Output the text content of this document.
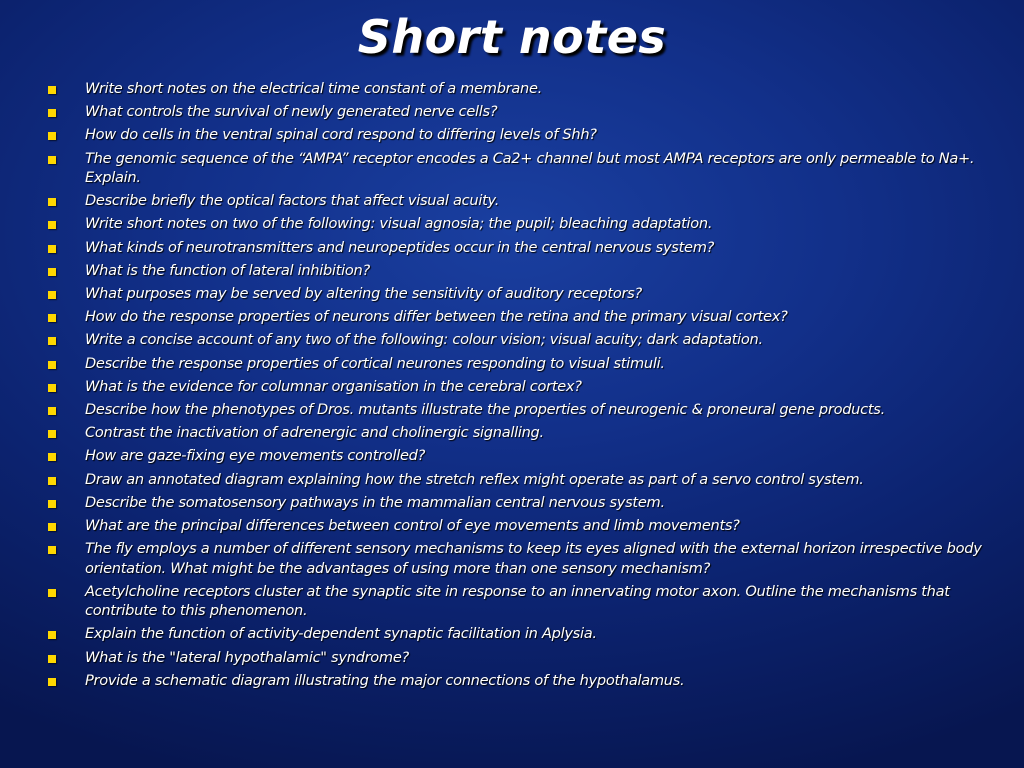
Short notes
Write short notes on the electrical time constant of a membrane.
What controls the survival of newly generated nerve cells?
How do cells in the ventral spinal cord respond to differing levels of Shh?
The genomic sequence of the “AMPA” receptor encodes a Ca2+ channel but most AMPA receptors are only permeable to Na+. Explain.
Describe briefly the optical factors that affect visual acuity.
Write short notes on two of the following: visual agnosia; the pupil; bleaching adaptation.
What kinds of neurotransmitters and neuropeptides occur in the central nervous system?
What is the function of lateral inhibition?
What purposes may be served by altering the sensitivity of auditory receptors?
How do the response properties of neurons differ between the retina and the primary visual cortex?
Write a concise account of any two of the following: colour vision; visual acuity; dark adaptation.
Describe the response properties of cortical neurones responding to visual stimuli.
What is the evidence for columnar organisation in the cerebral cortex?
Describe how the phenotypes of Dros. mutants illustrate the properties of neurogenic & proneural gene products.
Contrast the inactivation of adrenergic and cholinergic signalling.
How are gaze-fixing eye movements controlled?
Draw an annotated diagram explaining how the stretch reflex might operate as part of a servo control system.
Describe the somatosensory pathways in the mammalian central nervous system.
What are the principal differences between control of eye movements and limb movements?
The fly employs a number of different sensory mechanisms to keep its eyes aligned with the external horizon irrespective body orientation. What might be the advantages of using more than one sensory mechanism?
Acetylcholine receptors cluster at the synaptic site in response to an innervating motor axon. Outline the mechanisms that contribute to this phenomenon.
Explain the function of activity-dependent synaptic facilitation in Aplysia.
What is the "lateral hypothalamic" syndrome?
Provide a schematic diagram illustrating the major connections of the hypothalamus.
